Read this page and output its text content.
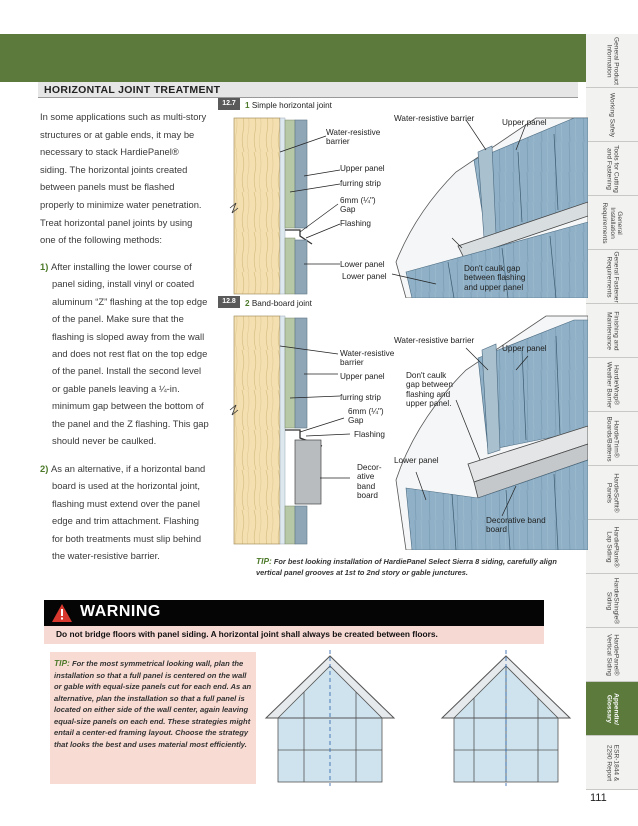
General Product Information
Working Safely
Tools for Cutting and Fastening
General Installation Requirements
General Fastener Requirements
Finishing and Maintenance
HardieWrap® Weather Barrier
HardieTrim® Boards/Battens
HardieSoffit® Panels
HardiePlank® Lap Siding
HardieShingle® Siding
HardiePanel® Vertical Siding
Appendix/ Glossary
ESR-1844 & 2290 Report
HORIZONTAL JOINT TREATMENT

In some applications such as multi-story structures or at gable ends, it may be necessary to stack HardiePanel® siding. The horizontal joints created between panels must be flashed properly to minimize water penetration. Treat horizontal panel joints by using one of the following methods:

1) After installing the lower course of panel siding, install vinyl or coated aluminum “Z” flashing at the top edge of the panel. Make sure that the flashing is sloped away from the wall and does not rest flat on the top edge of the panel. Install the second level or gable panels leaving a ¼-in. minimum gap between the bottom of the panel and the Z flashing. This gap should never be caulked.
2) As an alternative, if a horizontal band board is used at the horizontal joint, flashing must extend over the panel edge and trim attachment. Flashing for both treatments must slip behind the water-resistive barrier.
12.7	1 Simple horizontal joint
Water-resistive barrier
Upper panel
furring strip
6mm (¼") Gap
Flashing
Lower panel
Water-resistive barrier	Upper panel
Don't caulk gap between flashing and upper panel
Lower panel
12.8	2 Band-board joint
Water-resistive barrier
Upper panel
furring strip
6mm (¼") Gap
Flashing
Decor- ative band board
Water-resistive barrier
Upper panel
Don't caulk gap between flashing and upper panel.
Lower panel
Decorative band board
TIP: For best looking installation of HardiePanel Select Sierra 8 siding, carefully align vertical panel grooves at 1st to 2nd story or gable junctures.
WARNING
Do not bridge floors with panel siding. A horizontal joint shall always be created between floors.
TIP: For the most symmetrical looking wall, plan the installation so that a full panel is centered on the wall or gable with equal-size panels cut for each end. As an alternative, plan the installation so that a full panel is located on either side of the wall center, again leaving equal-size panels on each end. These strategies might entail a center-ed framing layout. Choose the strategy that looks the best and uses material most efficiently.
111
